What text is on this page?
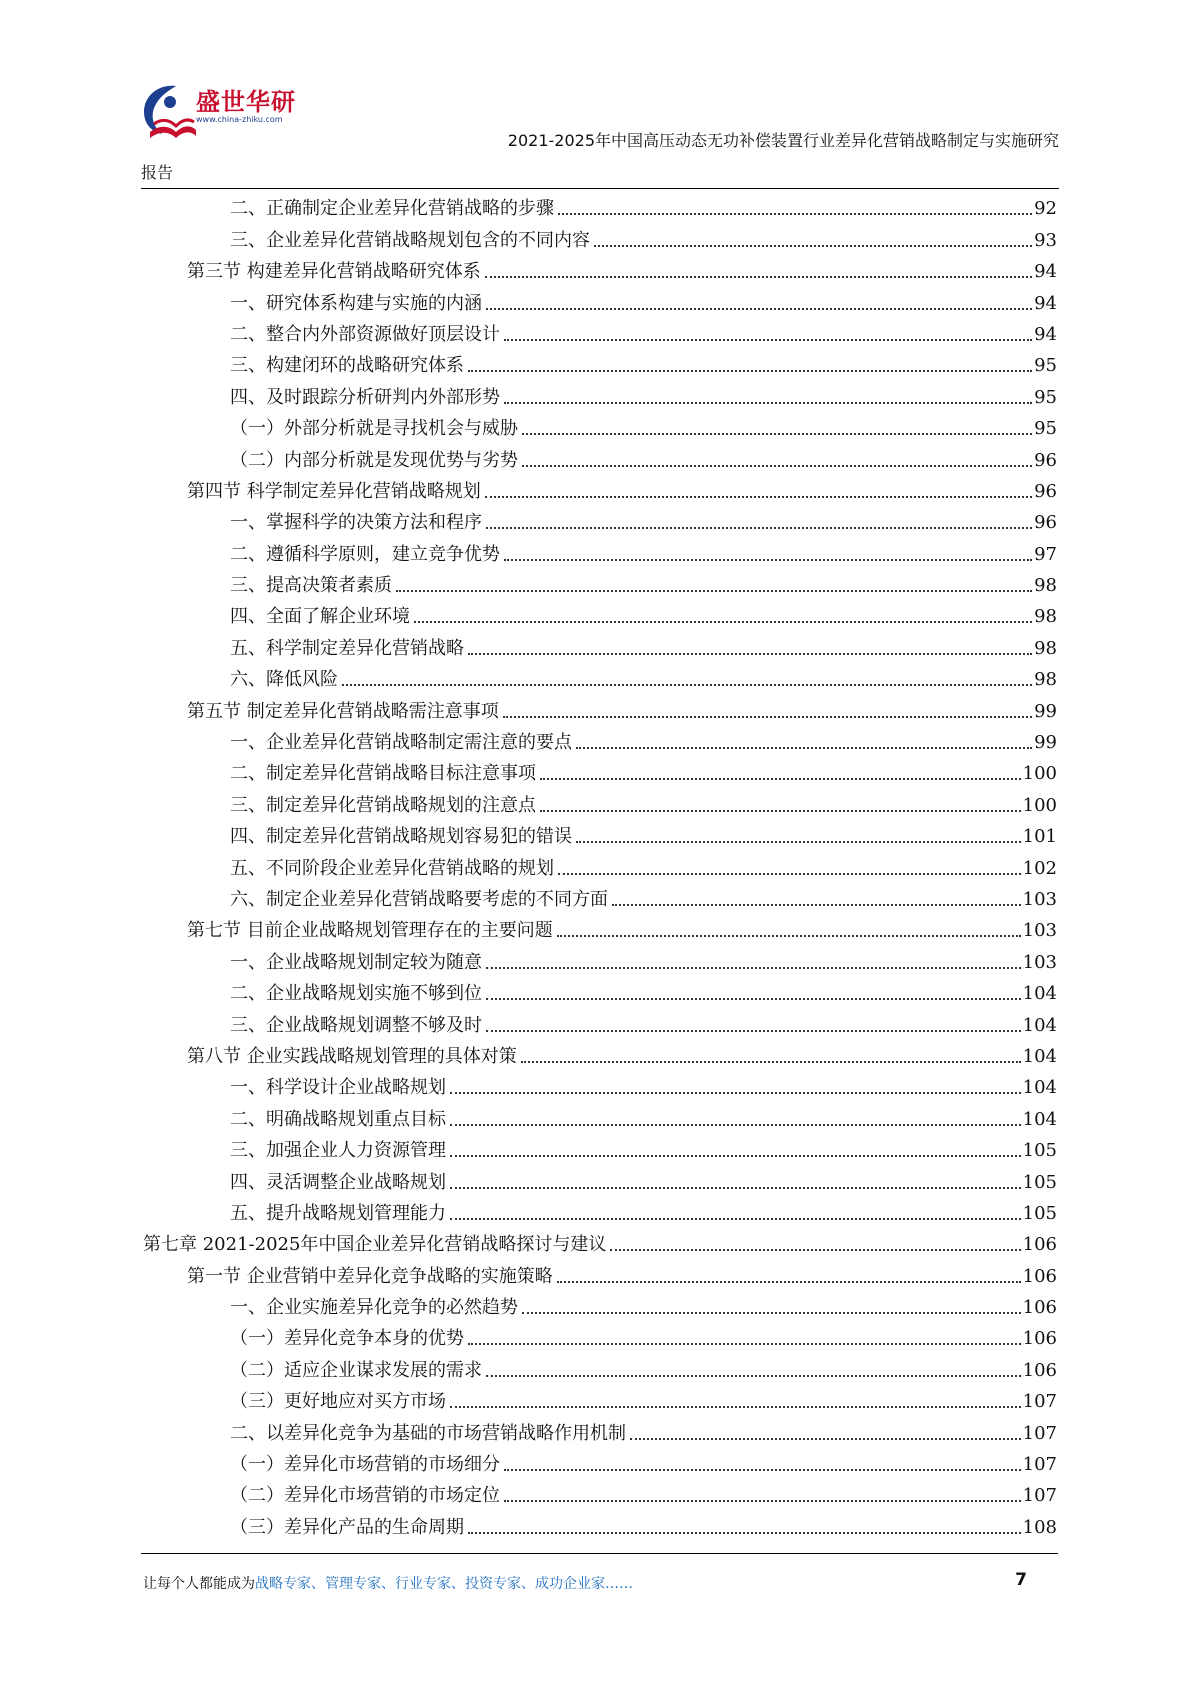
盛世华研
www.china-zhiku.com
2021-2025年中国高压动态无功补偿装置行业差异化营销战略制定与实施研究
报告
二、正确制定企业差异化营销战略的步骤	92
三、企业差异化营销战略规划包含的不同内容	93
第三节 构建差异化营销战略研究体系	94
一、研究体系构建与实施的内涵	94
二、整合内外部资源做好顶层设计	94
三、构建闭环的战略研究体系	95
四、及时跟踪分析研判内外部形势	95
（一）外部分析就是寻找机会与威胁	95
（二）内部分析就是发现优势与劣势	96
第四节 科学制定差异化营销战略规划	96
一、掌握科学的决策方法和程序	96
二、遵循科学原则，建立竞争优势	97
三、提高决策者素质	98
四、全面了解企业环境	98
五、科学制定差异化营销战略	98
六、降低风险	98
第五节 制定差异化营销战略需注意事项	99
一、企业差异化营销战略制定需注意的要点	99
二、制定差异化营销战略目标注意事项	100
三、制定差异化营销战略规划的注意点	100
四、制定差异化营销战略规划容易犯的错误	101
五、不同阶段企业差异化营销战略的规划	102
六、制定企业差异化营销战略要考虑的不同方面	103
第七节 目前企业战略规划管理存在的主要问题	103
一、企业战略规划制定较为随意	103
二、企业战略规划实施不够到位	104
三、企业战略规划调整不够及时	104
第八节 企业实践战略规划管理的具体对策	104
一、科学设计企业战略规划	104
二、明确战略规划重点目标	104
三、加强企业人力资源管理	105
四、灵活调整企业战略规划	105
五、提升战略规划管理能力	105
第七章 2021-2025年中国企业差异化营销战略探讨与建议	106
第一节 企业营销中差异化竞争战略的实施策略	106
一、企业实施差异化竞争的必然趋势	106
（一）差异化竞争本身的优势	106
（二）适应企业谋求发展的需求	106
（三）更好地应对买方市场	107
二、以差异化竞争为基础的市场营销战略作用机制	107
（一）差异化市场营销的市场细分	107
（二）差异化市场营销的市场定位	107
（三）差异化产品的生命周期	108
让每个人都能成为战略专家、管理专家、行业专家、投资专家、成功企业家……	7
